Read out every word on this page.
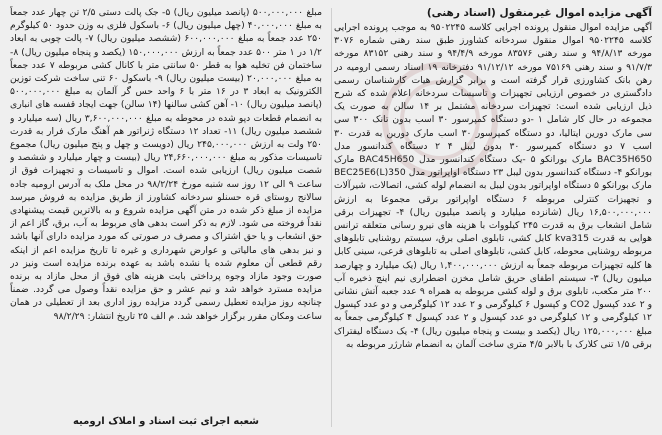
آگهی مزایده اموال غیرمنقول (اسناد رهنی)

آگهی مزایده اموال منقول پرونده اجرایی کلاسه ۹۵۰۲۲۴۵ به موجب پرونده اجرایی کلاسه ۹۵۰۲۲۴۵ اموال منقول سردخانه کشاورز طبق سند رهنی شماره ۳۰۷۶ مورخه ۹۴/۸/۱۳ و سند رهنی ۸۳۵۷۶ مورخه ۹۴/۴/۹ و سند رهنی ۸۳۱۵۲ مورخه ۹۱/۷/۳ و سند رهنی ۷۵۱۶۹ مورخه ۹۱/۱۲/۱۲ دفترخانه ۱۹ اسناد رسمی ارومیه در رهن بانک کشاورزی قرار گرفته است و برابر گزارش هیات کارشناسان رسمی دادگستری در خصوص ارزیابی تجهیزات و تاسیسات سردخانه اعلام شده که شرح ذیل ارزیابی شده است: تجهیزات سردخانه مشتمل بر ۱۴ سالن به صورت یک مجموعه در حال کار شامل ۱ -دو دستگاه کمپرسور ۳۰ اسب بدون تانک ۳۰۰ سی سی مارک دورین ایتالیا، دو دستگاه کمپرسور ۳۰ اسب مارک دورین به قدرت ۳۰ اسب ۷ دو دستگاه کمپرسور ۳۰ بدون لیبل ۴ ۲ دستگاه کندانسور مدل BAC35H650 مارک بورانکو ۵ -یک دستگاه کندانسور مدل BAC45H650 مارک بورانکو ۴- دستگاه کندانسور بدون لیبل ۲۳ دستگاه اواپراتور مدل BEC25E6(L)350 مارک بورانکو ۵ دستگاه اواپراتور بدون لیبل به انضمام لوله کشی، اتصالات، شیرآلات و تجهیزات کنترلی مربوطه ۶ دستگاه اواپراتور برقی مجموعا به ارزش ۱۶,۵۰۰,۰۰۰,۰۰۰ ریال (شانزده میلیارد و پانصد میلیون ریال) ۴- تجهیزات برقی شامل انشعاب برق به قدرت ۲۴۵ کیلووات با هزینه های نیرو رسانی متعلقه ترانس هوایی به قدرت kva315 کابل کشی، تابلوی اصلی برق، سیستم روشنایی تابلوهای مربوطه روشنایی محوطه، کابل کشی، تابلوهای اصلی به تابلوهای فرعی، سینی کابل ها کلیه تجهیزات مربوطه جمعاً به ارزش ۱,۴۰۰,۰۰۰,۰۰۰ ریال (یک میلیارد و چهارصد میلیون ریال) ۳- سیستم اطفای حریق شامل مخزن اضطراری نیم اینچ ذخیره آب ۲۰۰ متر مکعب، تابلوی برق و لوله کشی مربوطه به همراه ۹ عدد جعبه آتش نشانی و ۲ عدد کپسول CO2 و کپسول ۶ کیلوگرمی و ۲ عدد ۱۲ کیلوگرمی و دو عدد کپسول ۱۲ کیلوگرمی و ۱۲ کیلوگرمی دو عدد کپسول و ۲ عدد کپسول ۴ کیلوگرمی جمعاً به مبلغ ۱۲۵,۰۰۰,۰۰۰ ریال (یکصد و بیست و پنجاه میلیون ریال) ۴- یک دستگاه لیفتراک برقی ۱/۵ تنی کلارک با بالابر ۴/۵ متری ساخت آلمان به انضمام شارژر مربوطه به

مبلغ ۵۰۰,۰۰۰,۰۰۰ (پانصد میلیون ریال) ۵- جک پالت دستی ۲/۵ تن چهار عدد جمعاً به مبلغ ۴۰,۰۰۰,۰۰۰ (چهل میلیون ریال) ۶- باسکول فلزی به وزن حدود ۵۰ کیلوگرم ۲۵۰ عدد جمعاً به مبلغ ۶۰۰,۰۰۰,۰۰۰ (ششصد میلیون ریال) ۷- پالت چوبی به ابعاد ۱/۲ در ۱ متر ۵۰۰ عدد جمعاً به ارزش ۱۵۰,۰۰۰,۰۰۰ (یکصد و پنجاه میلیون ریال) ۸- ساختمان فن تخلیه هوا به قطر ۵۰ سانتی متر با کانال کشی مربوطه ۷ عدد جمعاً به مبلغ ۲۰,۰۰۰,۰۰۰ (بیست میلیون ریال) ۹- باسکول ۶۰ تنی ساخت شرکت توزین الکترونیک به ابعاد ۳ در ۱۶ متر با ۶ واحد حس گر آلمان به مبلغ ۵۰۰,۰۰۰,۰۰۰ (پانصد میلیون ریال) ۱۰- آهن کشی سالنها (۱۴ سالن) جهت ایجاد قفسه های انباری به انضمام قطعات دپو شده در محوطه به مبلغ ۳,۶۰۰,۰۰۰,۰۰۰ ریال (سه میلیارد و ششصد میلیون ریال) ۱۱- تعداد ۱۲ دستگاه ژنراتور هم آهنگ مارک فرار به قدرت ۲۵۰ ولت به ارزش ۲۴۵,۰۰۰,۰۰۰ ریال (دویست و چهل و پنج میلیون ریال) مجموع تاسیسات مذکور به مبلغ ۲۴,۶۶۰,۰۰۰,۰۰۰ ریال (بیست و چهار میلیارد و ششصد و شصت میلیون ریال) ارزیابی شده است. اموال و تاسیسات و تجهیزات فوق از ساعت ۹ الی ۱۲ روز سه شنبه مورخ ۹۸/۲/۲۴ در محل ملک به آدرس ارومیه جاده سالانج روستای قره حسنلو سردخانه کشاورز از طریق مزایده به فروش میرسد مزایده از مبلغ ذکر شده در متن آگهی مزایده شروع و به بالاترین قیمت پیشنهادی نقداً فروخته می شود. لازم به ذکر است بدهی های مربوط به آب، برق، گاز اعم از حق انشعاب و یا حق اشتراک و مصرف در صورتی که مورد مزایده دارای آنها باشد و نیز بدهی های مالیاتی و عوارض شهرداری و غیره تا تاریخ مزایده اعم از اینکه رقم قطعی آن معلوم شده یا نشده باشد به عهده برنده مزایده است ونیز در صورت وجود مازاد وجوه پرداختی بابت هزینه های فوق از محل مازاد به برنده مزایده مسترد خواهد شد و نیم عشر و حق مزایده نقداً وصول می گردد. ضمناً چنانچه روز مزایده تعطیل رسمی گردد مزایده روز اداری بعد از تعطیلی در همان ساعت ومکان مقرر برگزار خواهد شد. م الف ۲۵ تاریخ انتشار: ۹۸/۲/۲۹

شعبه اجرای ثبت اسناد و املاک ارومیه
